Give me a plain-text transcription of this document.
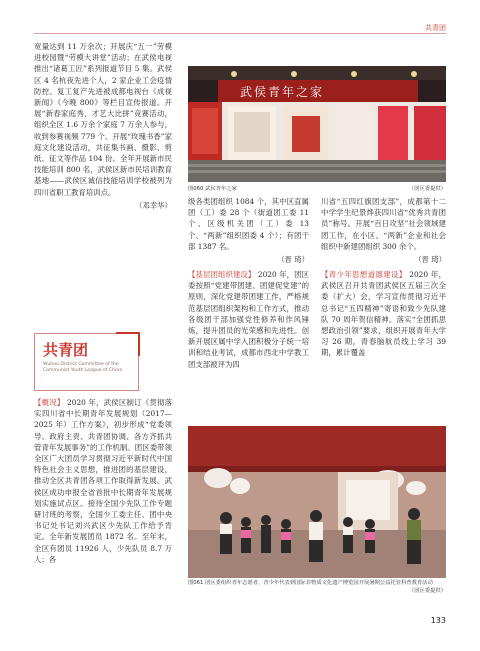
共青团

宽量达到 11 万余次；开展庆“五一”劳模进校园暨“劳模大讲堂”活动；在武侯电视推出“诸葛工匠”系列报道节目 5 集。武侯区 4 名杭夜先进个人，2 家企业工会疫情防控、复工复产先进被成都电视台《成视新闻》《今晚 800》等栏目宣传报道。开展“新春家庭秀，才艺大比拼”竞赛活动，组织全区 1.6 万余个家庭 7 万余人参与，收到参赛视频 779 个。开展“玫瑰书香”家庭文化建设活动，共征集书画、摄影、剪纸、征文等作品 104 份。全年开展新市民技能培训 800 名，武侯区新市民培训教育基地——武侯区诚信技能培训学校被列为四川省职工教育培训点。

（邓幸华）

共青团
Wuhou District Committee of the Communist Youth League of China

【概况】 2020 年，武侯区制订《贯彻落实四川省中长期青年发展规划（2017—2025 年）工作方案》，初步形成“党委领导、政府主责、共青团协调、各方齐抓共管青年发展事务”的工作机制。团区委带领全区广大团员学习贯彻习近平新时代中国特色社会主义思想，推进团的基层建设，推动全区共青团各项工作取得新发展。武侯区成功申报全省首批中长期青年发展规划实施试点区。接待全国少先队工作专题研讨班的考察，全国少工委主任、团中央书记处书记刘兴武区少先队工作给予肯定。全年新发展团员 1872 名。至年末，全区有团员 11926 人，少先队员 8.7 万人；各

武侯青年之家
图060 武侯青年之家	（团区委提供）

级各类团组织 1084 个，其中区直属团（工）委 28 个（街道团工委 11 个、区级机关团（工）委 13 个、“两新”组织团委 4 个）；有团干部 1387 名。

（晋 琦）

【基层团组织建设】 2020 年，团区委按照“党建带团建、团建促党建”的原则，深化党建带团建工作，严格规范基层团组织架构和工作方式，推动各级团干部加强党性修养和作风锤炼，提升团员的光荣感和先进性。创新开展区属中学入团积极分子统一培训和结业考试，成都市西北中学教工团支部被评为四

川省“五四红旗团支部”，成都第十二中学学生纪景烨获四川省“优秀共青团员”称号。开展“百日攻坚”社会领域建团工作，在小区、“两新”企业和社会组织中新建团组织 300 余个。

（晋 琦）

【青少年思想道德建设】 2020 年，武侯区召开共青团武侯区五届三次全委（扩大）会，学习宣传贯彻习近平总书记“五四精神”寄语和致少先队建队 70 周年贺信精神。落实“全团抓思想政治引领”要求，组织开展青年大学习 26 期，青春脑航员线上学习 39 期，累计覆盖

图061 团区委组织青年志愿者、青少年代表到国际非物质文化遗产博览园开展暑期公益托管科普教育活动
（团区委提供）
133
